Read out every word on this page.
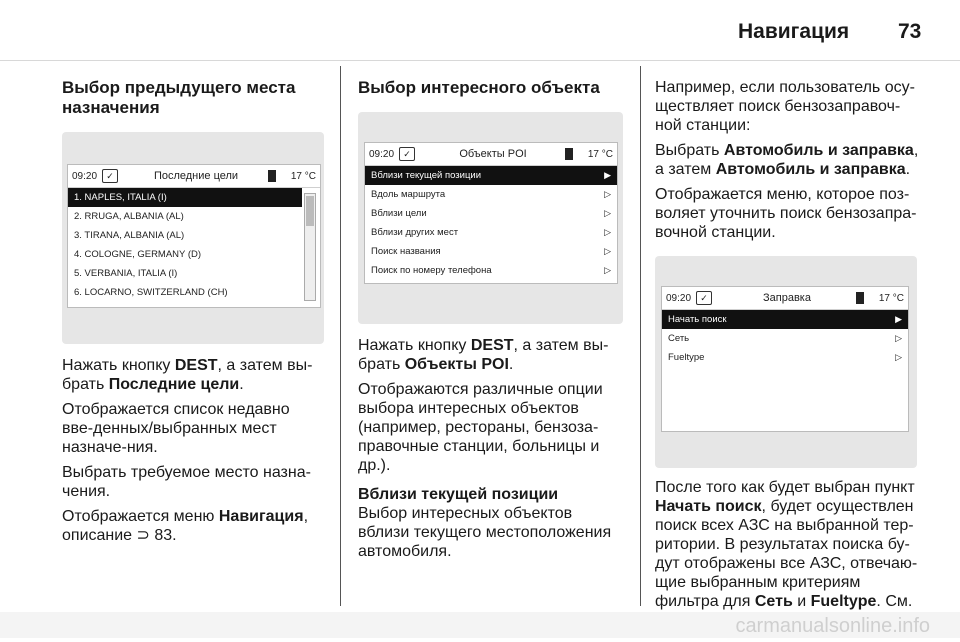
Навигация 73
Выбор предыдущего места назначения
09:20	✓	Последние цели	17 °C
1. NAPLES, ITALIA (I)
2. RRUGA, ALBANIA (AL)
3. TIRANA, ALBANIA (AL)
4. COLOGNE, GERMANY (D)
5. VERBANIA, ITALIA (I)
6. LOCARNO, SWITZERLAND (CH)

Нажать кнопку DEST, а затем вы-брать Последние цели.

Отображается список недавно вве-денных/выбранных мест назначе-ния.

Выбрать требуемое место назна-чения.

Отображается меню Навигация, описание ⊃ 83.

Выбор интересного объекта
09:20	✓	Объекты POI	17 °C
Вблизи текущей позиции	▶
Вдоль маршрута	▷
Вблизи цели	▷
Вблизи других мест	▷
Поиск названия	▷
Поиск по номеру телефона	▷

Нажать кнопку DEST, а затем вы-брать Объекты POI.

Отображаются различные опции выбора интересных объектов (например, рестораны, бензоза-правочные станции, больницы и др.).

Вблизи текущей позиции

Выбор интересных объектов вблизи текущего местоположения автомобиля.

Например, если пользователь осу-ществляет поиск бензозаправоч-ной станции:

Выбрать Автомобиль и заправка,
а затем Автомобиль и заправка.

Отображается меню, которое поз-воляет уточнить поиск бензозапра-вочной станции.

09:20	✓	Заправка	17 °C
Начать поиск	▶
Сеть	▷
Fueltype	▷

После того как будет выбран пункт Начать поиск, будет осуществлен поиск всех АЗС на выбранной тер-ритории. В результатах поиска бу-дут отображены все АЗС, отвечаю-щие выбранным критериям фильтра для Сеть и Fueltype. См.

carmanualsonline.info
